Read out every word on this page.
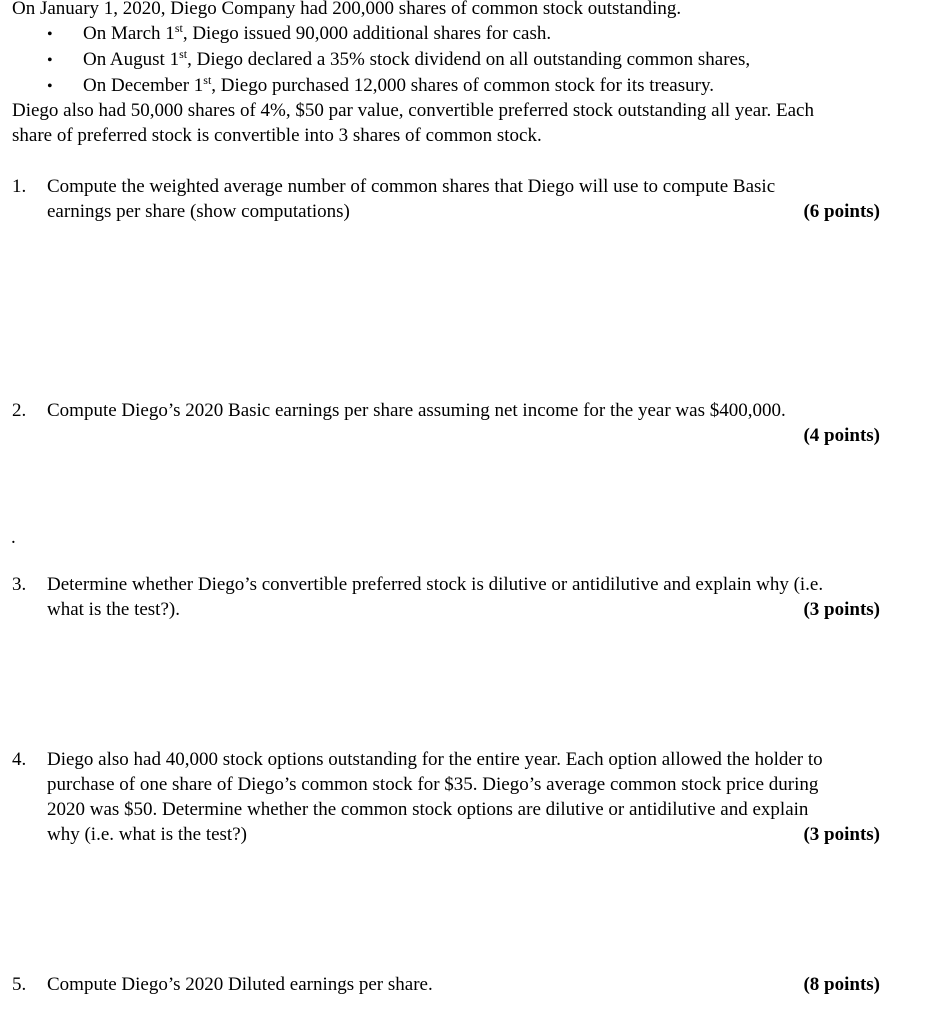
On January 1, 2020, Diego Company had 200,000 shares of common stock outstanding.
• On March 1st, Diego issued 90,000 additional shares for cash.
• On August 1st, Diego declared a 35% stock dividend on all outstanding common shares,
• On December 1st, Diego purchased 12,000 shares of common stock for its treasury.
Diego also had 50,000 shares of 4%, $50 par value, convertible preferred stock outstanding all year. Each
share of preferred stock is convertible into 3 shares of common stock.
1. Compute the weighted average number of common shares that Diego will use to compute Basic
earnings per share (show computations)	(6 points)
2. Compute Diego’s 2020 Basic earnings per share assuming net income for the year was $400,000.
(4 points)
.
3. Determine whether Diego’s convertible preferred stock is dilutive or antidilutive and explain why (i.e.
what is the test?).	(3 points)
4. Diego also had 40,000 stock options outstanding for the entire year. Each option allowed the holder to
purchase of one share of Diego’s common stock for $35. Diego’s average common stock price during
2020 was $50. Determine whether the common stock options are dilutive or antidilutive and explain
why (i.e. what is the test?)	(3 points)
5. Compute Diego’s 2020 Diluted earnings per share.	(8 points)
